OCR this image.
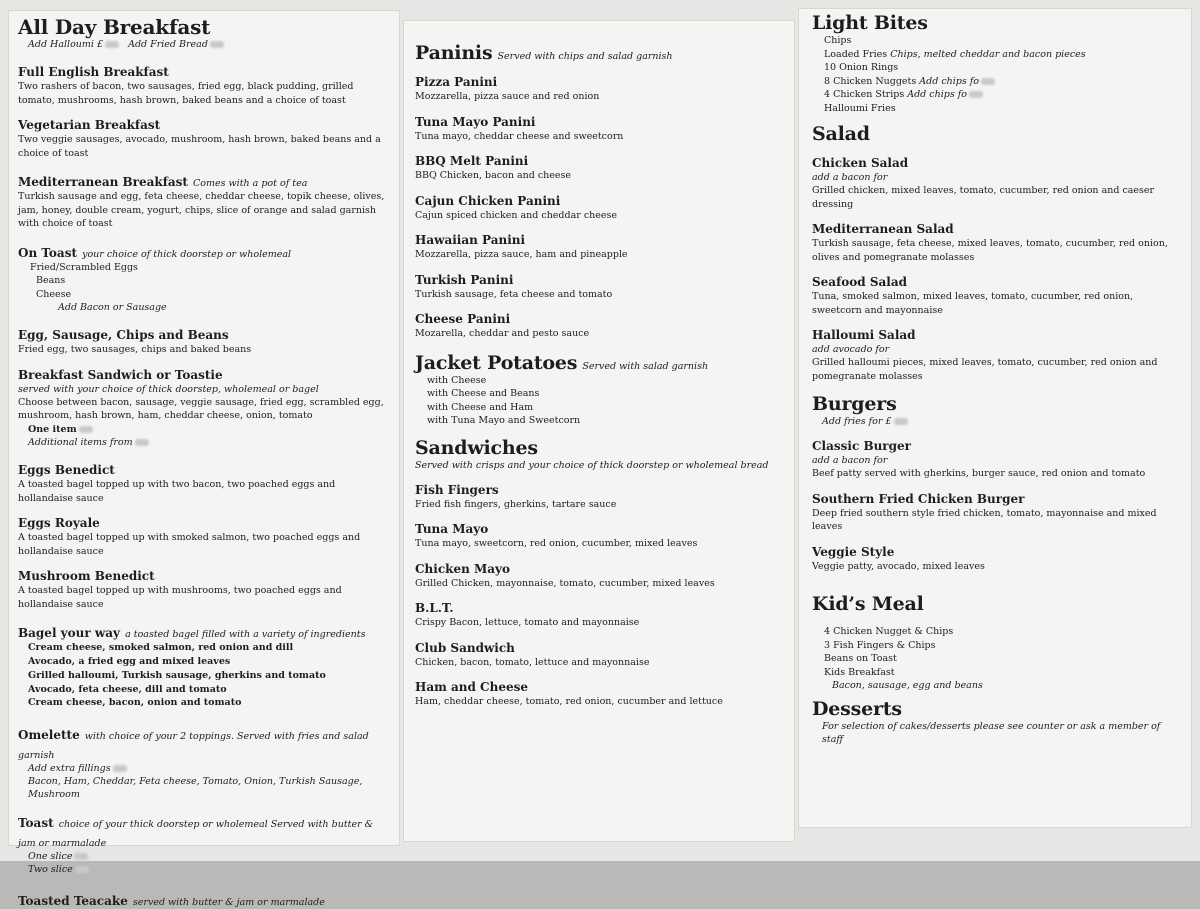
All Day Breakfast
Add Halloumi £	Add Fried Bread
Full English Breakfast
Two rashers of bacon, two sausages, fried egg, black pudding, grilled tomato, mushrooms, hash brown, baked beans and a choice of toast
Vegetarian Breakfast
Two veggie sausages, avocado, mushroom, hash brown, baked beans and a choice of toast
Mediterranean Breakfast Comes with a pot of tea
Turkish sausage and egg, feta cheese, cheddar cheese, topik cheese, olives, jam, honey, double cream, yogurt, chips, slice of orange and salad garnish with choice of toast
On Toast your choice of thick doorstep or wholemeal
Fried/Scrambled Eggs
Beans
Cheese
Add Bacon or Sausage
Egg, Sausage, Chips and Beans
Fried egg, two sausages, chips and baked beans
Breakfast Sandwich or Toastie
served with your choice of thick doorstep, wholemeal or bagel
Choose between bacon, sausage, veggie sausage, fried egg, scrambled egg, mushroom, hash brown, ham, cheddar cheese, onion, tomato
One item
Additional items from
Eggs Benedict
A toasted bagel topped up with two bacon, two poached eggs and hollandaise sauce
Eggs Royale
A toasted bagel topped up with smoked salmon, two poached eggs and hollandaise sauce
Mushroom Benedict
A toasted bagel topped up with mushrooms, two poached eggs and hollandaise sauce
Bagel your way a toasted bagel filled with a variety of ingredients
Cream cheese, smoked salmon, red onion and dill
Avocado, a fried egg and mixed leaves
Grilled halloumi, Turkish sausage, gherkins and tomato
Avocado, feta cheese, dill and tomato
Cream cheese, bacon, onion and tomato
Omelette with choice of your 2 toppings. Served with fries and salad garnish
Add extra fillings
Bacon, Ham, Cheddar, Feta cheese, Tomato, Onion, Turkish Sausage, Mushroom
Toast choice of your thick doorstep or wholemeal Served with butter & jam or marmalade
One slice
Two slice
Toasted Teacake served with butter & jam or marmalade
Paninis Served with chips and salad garnish
Pizza Panini
Mozzarella, pizza sauce and red onion
Tuna Mayo Panini
Tuna mayo, cheddar cheese and sweetcorn
BBQ Melt Panini
BBQ Chicken, bacon and cheese
Cajun Chicken Panini
Cajun spiced chicken and cheddar cheese
Hawaiian Panini
Mozzarella, pizza sauce, ham and pineapple
Turkish Panini
Turkish sausage, feta cheese and tomato
Cheese Panini
Mozarella, cheddar and pesto sauce
Jacket Potatoes Served with salad garnish
with Cheese
with Cheese and Beans
with Cheese and Ham
with Tuna Mayo and Sweetcorn
Sandwiches
Served with crisps and your choice of thick doorstep or wholemeal bread
Fish Fingers
Fried fish fingers, gherkins, tartare sauce
Tuna Mayo
Tuna mayo, sweetcorn, red onion, cucumber, mixed leaves
Chicken Mayo
Grilled Chicken, mayonnaise, tomato, cucumber, mixed leaves
B.L.T.
Crispy Bacon, lettuce, tomato and mayonnaise
Club Sandwich
Chicken, bacon, tomato, lettuce and mayonnaise
Ham and Cheese
Ham, cheddar cheese, tomato, red onion, cucumber and lettuce
Light Bites
Chips
Loaded Fries Chips, melted cheddar and bacon pieces
10 Onion Rings
8 Chicken Nuggets Add chips fo
4 Chicken Strips Add chips fo
Halloumi Fries
Salad
Chicken Salad
add a bacon for
Grilled chicken, mixed leaves, tomato, cucumber, red onion and caeser dressing
Mediterranean Salad
Turkish sausage, feta cheese, mixed leaves, tomato, cucumber, red onion, olives and pomegranate molasses
Seafood Salad
Tuna, smoked salmon, mixed leaves, tomato, cucumber, red onion, sweetcorn and mayonnaise
Halloumi Salad
add avocado for
Grilled halloumi pieces, mixed leaves, tomato, cucumber, red onion and pomegranate molasses
Burgers
Add fries for £
Classic Burger
add a bacon for
Beef patty served with gherkins, burger sauce, red onion and tomato
Southern Fried Chicken Burger
Deep fried southern style fried chicken, tomato, mayonnaise and mixed leaves
Veggie Style
Veggie patty, avocado, mixed leaves
Kid’s Meal
4 Chicken Nugget & Chips
3 Fish Fingers & Chips
Beans on Toast
Kids Breakfast
Bacon, sausage, egg and beans
Desserts
For selection of cakes/desserts please see counter or ask a member of staff
